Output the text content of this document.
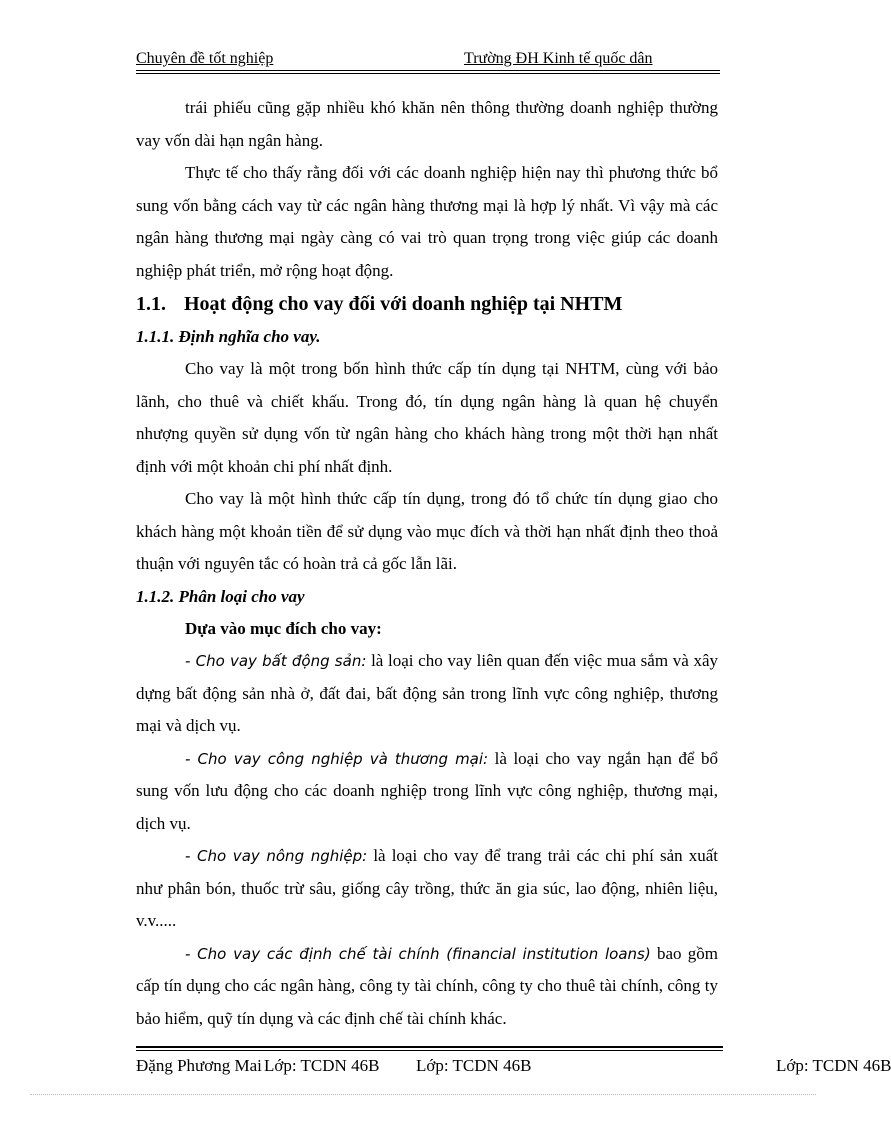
Chuyên đề tốt nghiệp	Trường ĐH Kinh tế quốc dân

trái phiếu cũng gặp nhiều khó khăn nên thông thường doanh nghiệp thường vay vốn dài hạn ngân hàng.

Thực tế cho thấy rằng đối với các doanh nghiệp hiện nay thì phương thức bổ sung vốn bằng cách vay từ các ngân hàng thương mại là hợp lý nhất. Vì vậy mà các ngân hàng thương mại ngày càng có vai trò quan trọng trong việc giúp các doanh nghiệp phát triển, mở rộng hoạt động.

1.1. Hoạt động cho vay đối với doanh nghiệp tại NHTM

1.1.1. Định nghĩa cho vay.

Cho vay là một trong bốn hình thức cấp tín dụng tại NHTM, cùng với bảo lãnh, cho thuê và chiết khấu. Trong đó, tín dụng ngân hàng là quan hệ chuyển nhượng quyền sử dụng vốn từ ngân hàng cho khách hàng trong một thời hạn nhất định với một khoản chi phí nhất định.

Cho vay là một hình thức cấp tín dụng, trong đó tổ chức tín dụng giao cho khách hàng một khoản tiền để sử dụng vào mục đích và thời hạn nhất định theo thoả thuận với nguyên tắc có hoàn trả cả gốc lẫn lãi.

1.1.2. Phân loại cho vay

Dựa vào mục đích cho vay:

- Cho vay bất động sản: là loại cho vay liên quan đến việc mua sắm và xây dựng bất động sản nhà ở, đất đai, bất động sản trong lĩnh vực công nghiệp, thương mại và dịch vụ.

- Cho vay công nghiệp và thương mại: là loại cho vay ngắn hạn để bổ sung vốn lưu động cho các doanh nghiệp trong lĩnh vực công nghiệp, thương mại, dịch vụ.

- Cho vay nông nghiệp: là loại cho vay để trang trải các chi phí sản xuất như phân bón, thuốc trừ sâu, giống cây trồng, thức ăn gia súc, lao động, nhiên liệu, v.v.....

- Cho vay các định chế tài chính (financial institution loans) bao gồm cấp tín dụng cho các ngân hàng, công ty tài chính, công ty cho thuê tài chính, công ty bảo hiểm, quỹ tín dụng và các định chế tài chính khác.

Đặng Phương Mai Lớp: TCDN 46B Lớp: TCDN 46B	Lớp: TCDN 46B
